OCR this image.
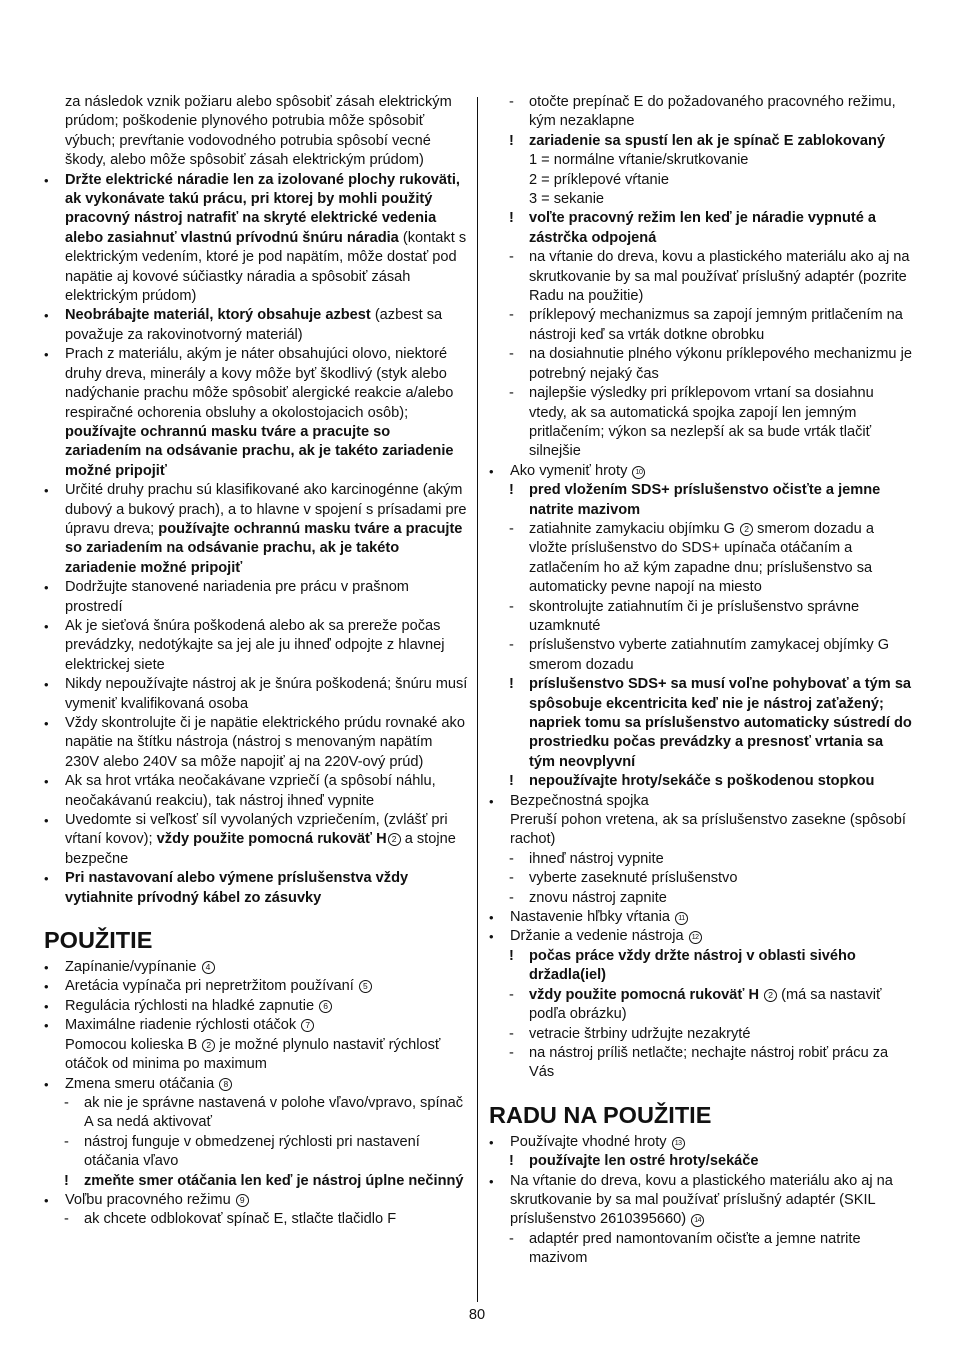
za následok vznik požiaru alebo spôsobiť zásah elektrickým prúdom; poškodenie plynového potrubia môže spôsobiť výbuch; prevŕtanie vodovodného potrubia spôsobí vecné škody, alebo môže spôsobiť zásah elektrickým prúdom)
• Držte elektrické náradie len za izolované plochy rukoväti, ak vykonávate takú prácu, pri ktorej by mohli použitý pracovný nástroj natrafiť na skryté elektrické vedenia alebo zasiahnuť vlastnú prívodnú šnúru náradia (kontakt s elektrickým vedením, ktoré je pod napätím, môže dostať pod napätie aj kovové súčiastky náradia a spôsobiť zásah elektrickým prúdom)
• Neobrábajte materiál, ktorý obsahuje azbest (azbest sa považuje za rakovinotvorný materiál)
• Prach z materiálu, akým je náter obsahujúci olovo, niektoré druhy dreva, minerály a kovy môže byť škodlivý (styk alebo nadýchanie prachu môže spôsobiť alergické reakcie a/alebo respiračné ochorenia obsluhy a okolostojacich osôb); používajte ochrannú masku tváre a pracujte so zariadením na odsávanie prachu, ak je takéto zariadenie možné pripojiť
• Určité druhy prachu sú klasifikované ako karcinogénne (akým dubový a bukový prach), a to hlavne v spojení s prísadami pre úpravu dreva; používajte ochrannú masku tváre a pracujte so zariadením na odsávanie prachu, ak je takéto zariadenie možné pripojiť
• Dodržujte stanovené nariadenia pre prácu v prašnom prostredí
• Ak je sieťová šnúra poškodená alebo ak sa prereže počas prevádzky, nedotýkajte sa jej ale ju ihneď odpojte z hlavnej elektrickej siete
• Nikdy nepoužívajte nástroj ak je šnúra poškodená; šnúru musí vymeniť kvalifikovaná osoba
• Vždy skontrolujte či je napätie elektrického prúdu rovnaké ako napätie na štítku nástroja (nástroj s menovaným napätím 230V alebo 240V sa môže napojiť aj na 220V-ový prúd)
• Ak sa hrot vrtáka neočakávane vzpriečí (a spôsobí náhlu, neočakávanú reakciu), tak nástroj ihneď vypnite
• Uvedomte si veľkosť síl vyvolaných vzpriečením, (zvlášť pri vŕtaní kovov); vždy použite pomocná rukoväť H 2 a stojne bezpečne
• Pri nastavovaní alebo výmene príslušenstva vždy vytiahnite prívodný kábel zo zásuvky
POUŽITIE
• Zapínanie/vypínanie 4
• Aretácia vypínača pri nepretržitom používaní 5
• Regulácia rýchlosti na hladké zapnutie 6
• Maximálne riadenie rýchlosti otáčok 7
Pomocou kolieska B 2 je možné plynulo nastaviť rýchlosť otáčok od minima po maximum
• Zmena smeru otáčania 8
- ak nie je správne nastavená v polohe vľavo/vpravo, spínač A sa nedá aktivovať
- nástroj funguje v obmedzenej rýchlosti pri nastavení otáčania vľavo
! zmeňte smer otáčania len keď je nástroj úplne nečinný
• Voľbu pracovného režimu 9
- ak chcete odblokovať spínač E, stlačte tlačidlo F
- otočte prepínač E do požadovaného pracovného režimu, kým nezaklapne
! zariadenie sa spustí len ak je spínač E zablokovaný
1 = normálne vŕtanie/skrutkovanie
2 = príklepové vŕtanie
3 = sekanie
! voľte pracovný režim len keď je náradie vypnuté a zástrčka odpojená
- na vŕtanie do dreva, kovu a plastického materiálu ako aj na skrutkovanie by sa mal používať príslušný adaptér (pozrite Radu na použitie)
- príklepový mechanizmus sa zapojí jemným pritlačením na nástroji keď sa vrták dotkne obrobku
- na dosiahnutie plného výkonu príklepového mechanizmu je potrebný nejaký čas
- najlepšie výsledky pri príklepovom vrtaní sa dosiahnu vtedy, ak sa automatická spojka zapojí len jemným pritlačením; výkon sa nezlepší ak sa bude vrták tlačiť silnejšie
• Ako vymeniť hroty 10
! pred vložením SDS+ príslušenstvo očisťte a jemne natrite mazivom
- zatiahnite zamykaciu objímku G 2 smerom dozadu a vložte príslušenstvo do SDS+ upínača otáčaním a zatlačením ho až kým zapadne dnu; príslušenstvo sa automaticky pevne napojí na miesto
- skontrolujte zatiahnutím či je príslušenstvo správne uzamknuté
- príslušenstvo vyberte zatiahnutím zamykacej objímky G smerom dozadu
! príslušenstvo SDS+ sa musí voľne pohybovať a tým sa spôsobuje ekcentricita keď nie je nástroj zaťažený; napriek tomu sa príslušenstvo automaticky sústredí do prostriedku počas prevádzky a presnosť vrtania sa tým neovplyvní
! nepoužívajte hroty/sekáče s poškodenou stopkou
• Bezpečnostná spojka
Preruší pohon vretena, ak sa príslušenstvo zasekne (spôsobí rachot)
- ihneď nástroj vypnite
- vyberte zaseknuté príslušenstvo
- znovu nástroj zapnite
• Nastavenie hľbky vŕtania 11
• Držanie a vedenie nástroja 12
! počas práce vždy držte nástroj v oblasti sivého držadla(iel)
- vždy použite pomocná rukoväť H 2 (má sa nastaviť podľa obrázku)
- vetracie štrbiny udržujte nezakryté
- na nástroj príliš netlačte; nechajte nástroj robiť prácu za Vás
RADU NA POUŽITIE
• Používajte vhodné hroty 13
! používajte len ostré hroty/sekáče
• Na vŕtanie do dreva, kovu a plastického materiálu ako aj na skrutkovanie by sa mal používať príslušný adaptér (SKIL príslušenstvo 2610395660) 14
- adaptér pred namontovaním očisťte a jemne natrite mazivom
80
